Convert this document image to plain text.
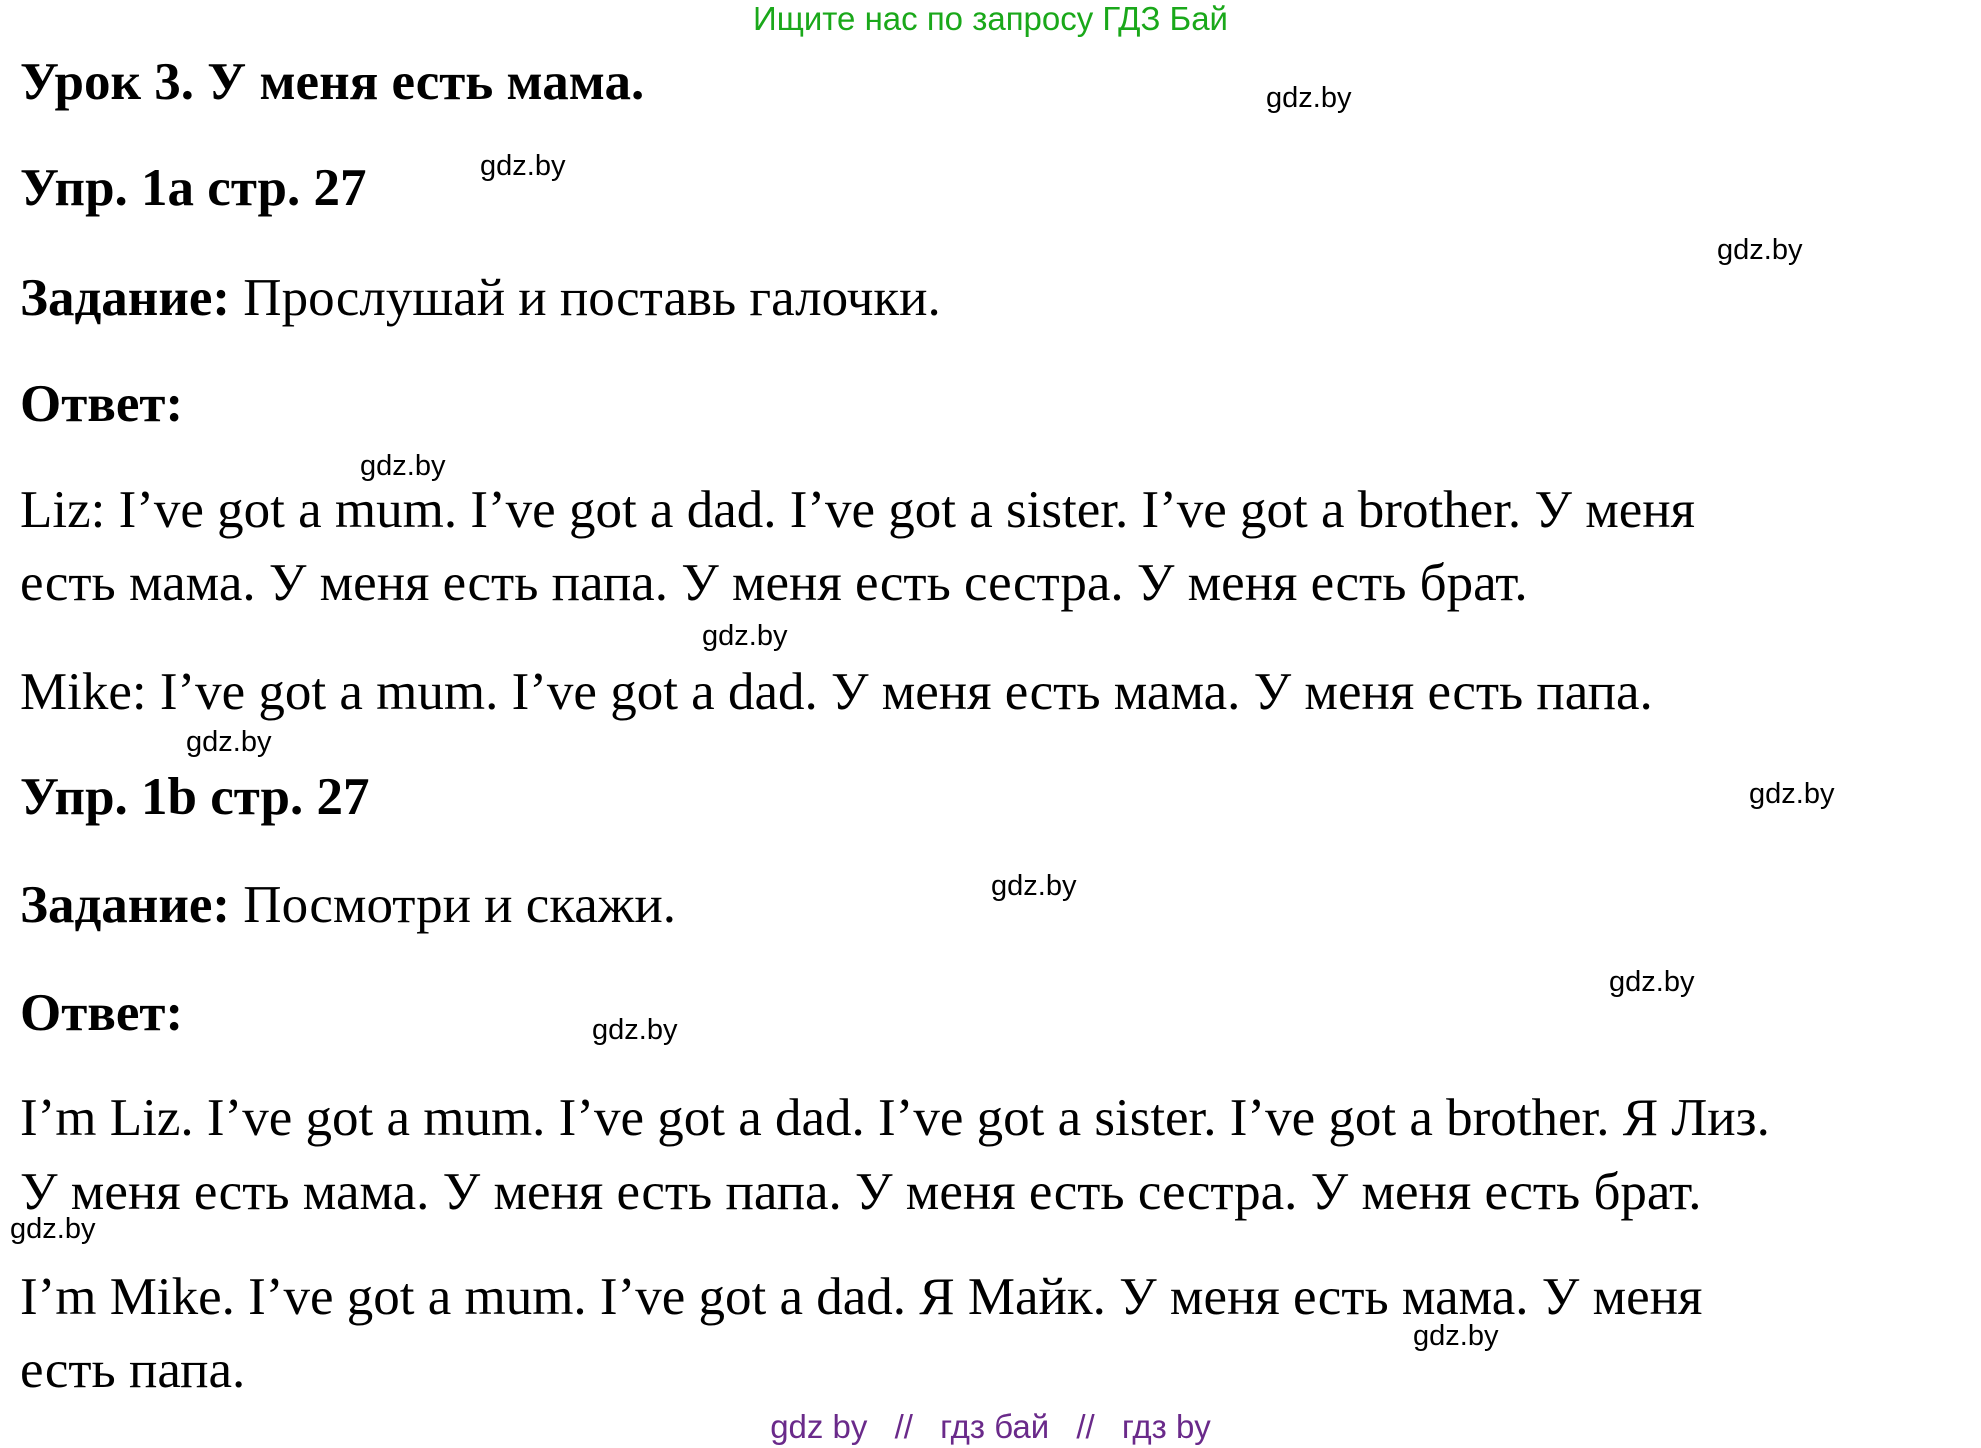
Ищите нас по запросу ГДЗ Бай
Урок 3. У меня есть мама.
Упр. 1a стр. 27
Задание: Прослушай и поставь галочки.
Ответ:
Liz: I’ve got a mum. I’ve got a dad. I’ve got a sister. I’ve got a brother. У меня
есть мама. У меня есть папа. У меня есть сестра. У меня есть брат.
Mike: I’ve got a mum. I’ve got a dad. У меня есть мама. У меня есть папа.
Упр. 1b стр. 27
Задание: Посмотри и скажи.
Ответ:
I’m Liz. I’ve got a mum. I’ve got a dad. I’ve got a sister. I’ve got a brother. Я Лиз.
У меня есть мама. У меня есть папа. У меня есть сестра. У меня есть брат.
I’m Mike. I’ve got a mum. I’ve got a dad. Я Майк. У меня есть мама. У меня
есть папа.
gdz.by
gdz.by
gdz.by
gdz.by
gdz.by
gdz.by
gdz.by
gdz.by
gdz.by
gdz.by
gdz.by
gdz.by
gdz by // гдз бай // гдз by
